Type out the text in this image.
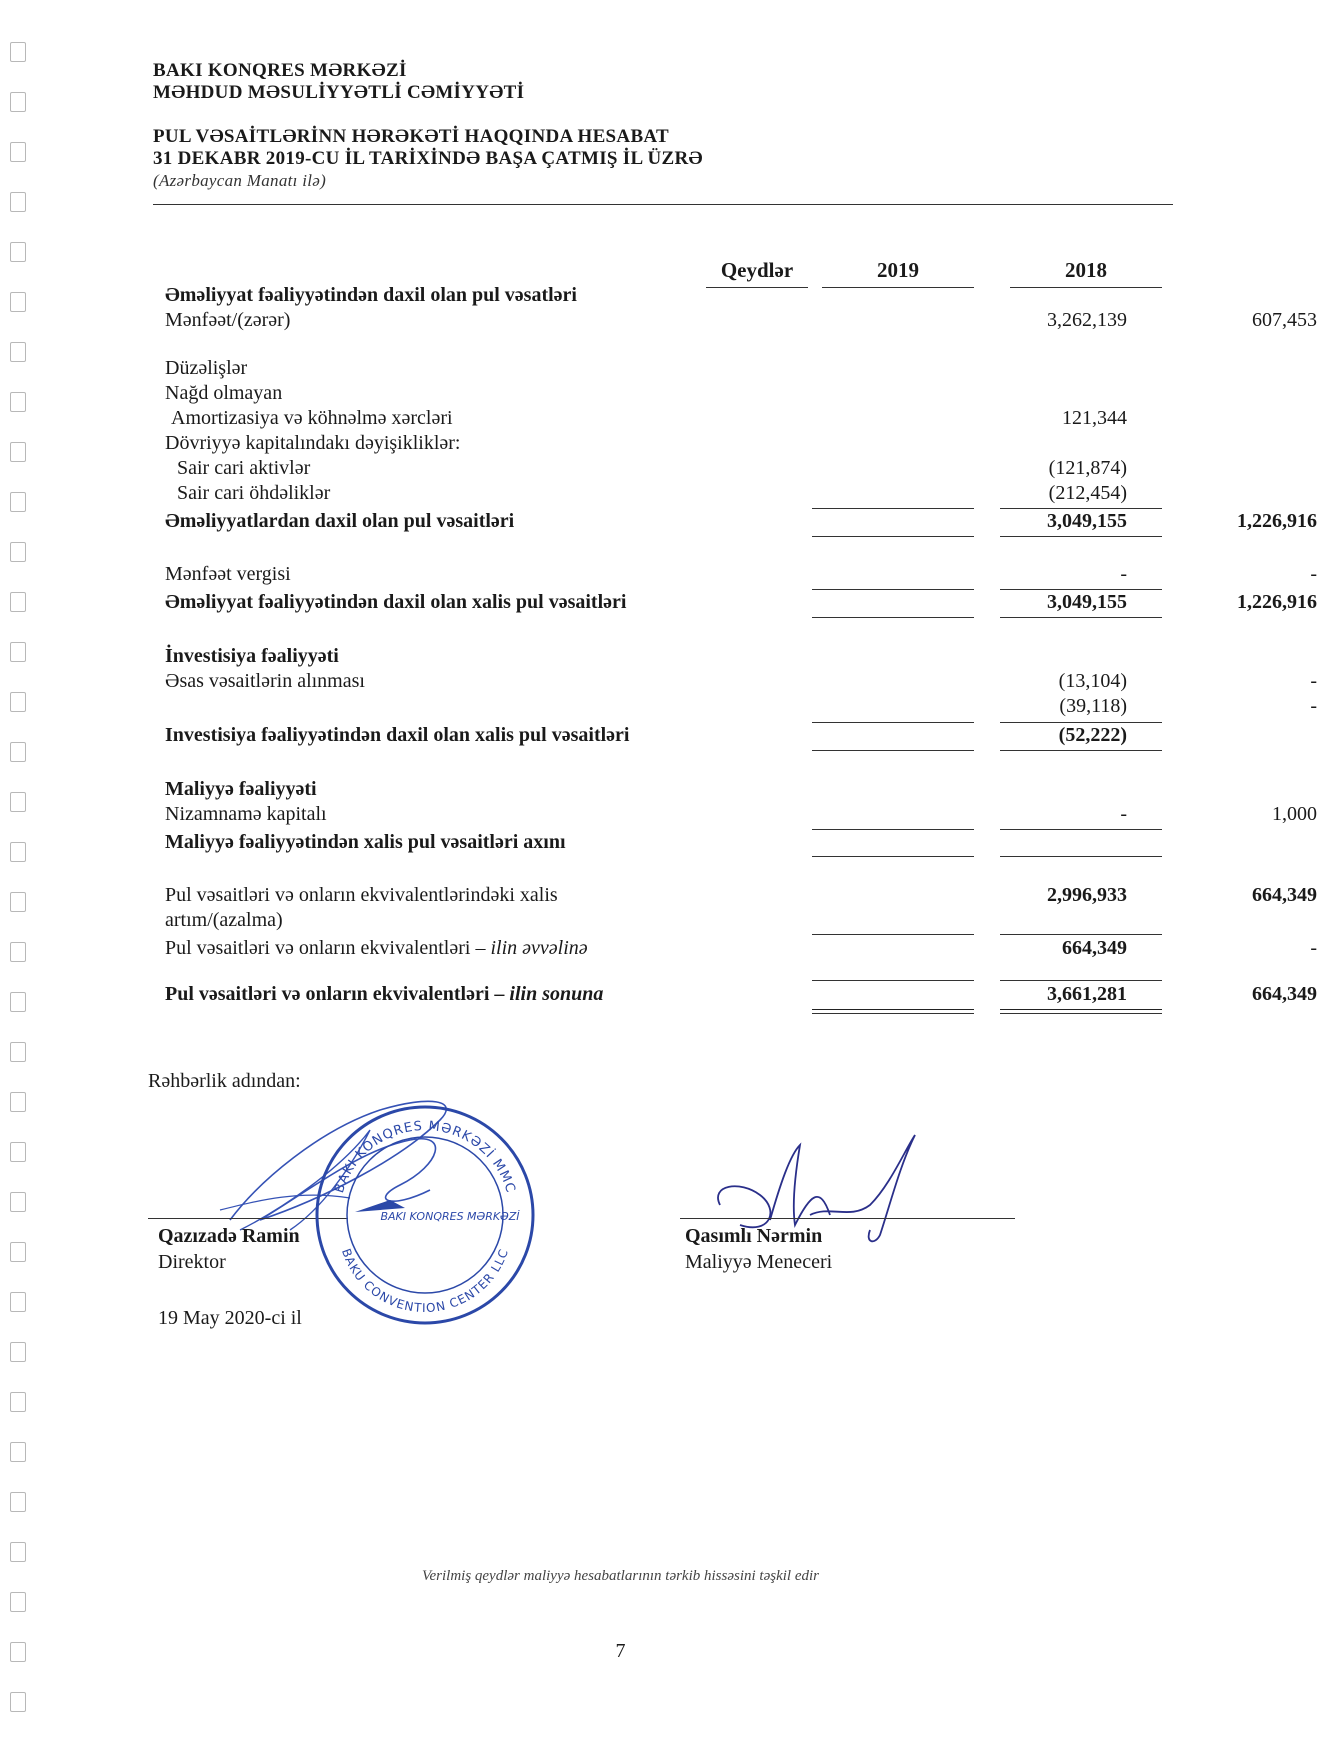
BAKI KONQRES MƏRKƏZİ
MƏHDUD MƏSULİYYƏTLİ CƏMİYYƏTİ
PUL VƏSAİTLƏRİNN HƏRƏKƏTİ HAQQINDA HESABAT
31 DEKABR 2019-CU İL TARİXİNDƏ BAŞA ÇATMIŞ İL ÜZRƏ
(Azərbaycan Manatı ilə)
Qeydlər	2019	2018
Əməliyyat fəaliyyətindən daxil olan pul vəsatləri
Mənfəət/(zərər)	3,262,139	607,453
Düzəlişlər
Nağd olmayan
Amortizasiya və köhnəlmə xərcləri	121,344
Dövriyyə kapitalındakı dəyişikliklər:
Sair cari aktivlər	(121,874)
Sair cari öhdəliklər	(212,454)
Əməliyyatlardan daxil olan pul vəsaitləri	3,049,155	1,226,916
Mənfəət vergisi	-	-
Əməliyyat fəaliyyətindən daxil olan xalis pul vəsaitləri	3,049,155	1,226,916
İnvestisiya fəaliyyəti
Əsas vəsaitlərin alınması	(13,104)	-
(39,118)	-
Investisiya fəaliyyətindən daxil olan xalis pul vəsaitləri	(52,222)
Maliyyə fəaliyyəti
Nizamnamə kapitalı	-	1,000
Maliyyə fəaliyyətindən xalis pul vəsaitləri axını
Pul vəsaitləri və onların ekvivalentlərindəki xalis	2,996,933	664,349
artım/(azalma)
Pul vəsaitləri və onların ekvivalentləri – ilin əvvəlinə	664,349	-
Pul vəsaitləri və onların ekvivalentləri – ilin sonuna	3,661,281	664,349
Rəhbərlik adından:
Qazızadə Ramin
Direktor
19 May 2020-ci il
BAKI KONQRES MƏRKƏZİ MMC
BAKU CONVENTION CENTER LLC
BAKI KONQRES MƏRKƏZİ
Qasımlı Nərmin
Maliyyə Meneceri
Verilmiş qeydlər maliyyə hesabatlarının tərkib hissəsini təşkil edir
7
